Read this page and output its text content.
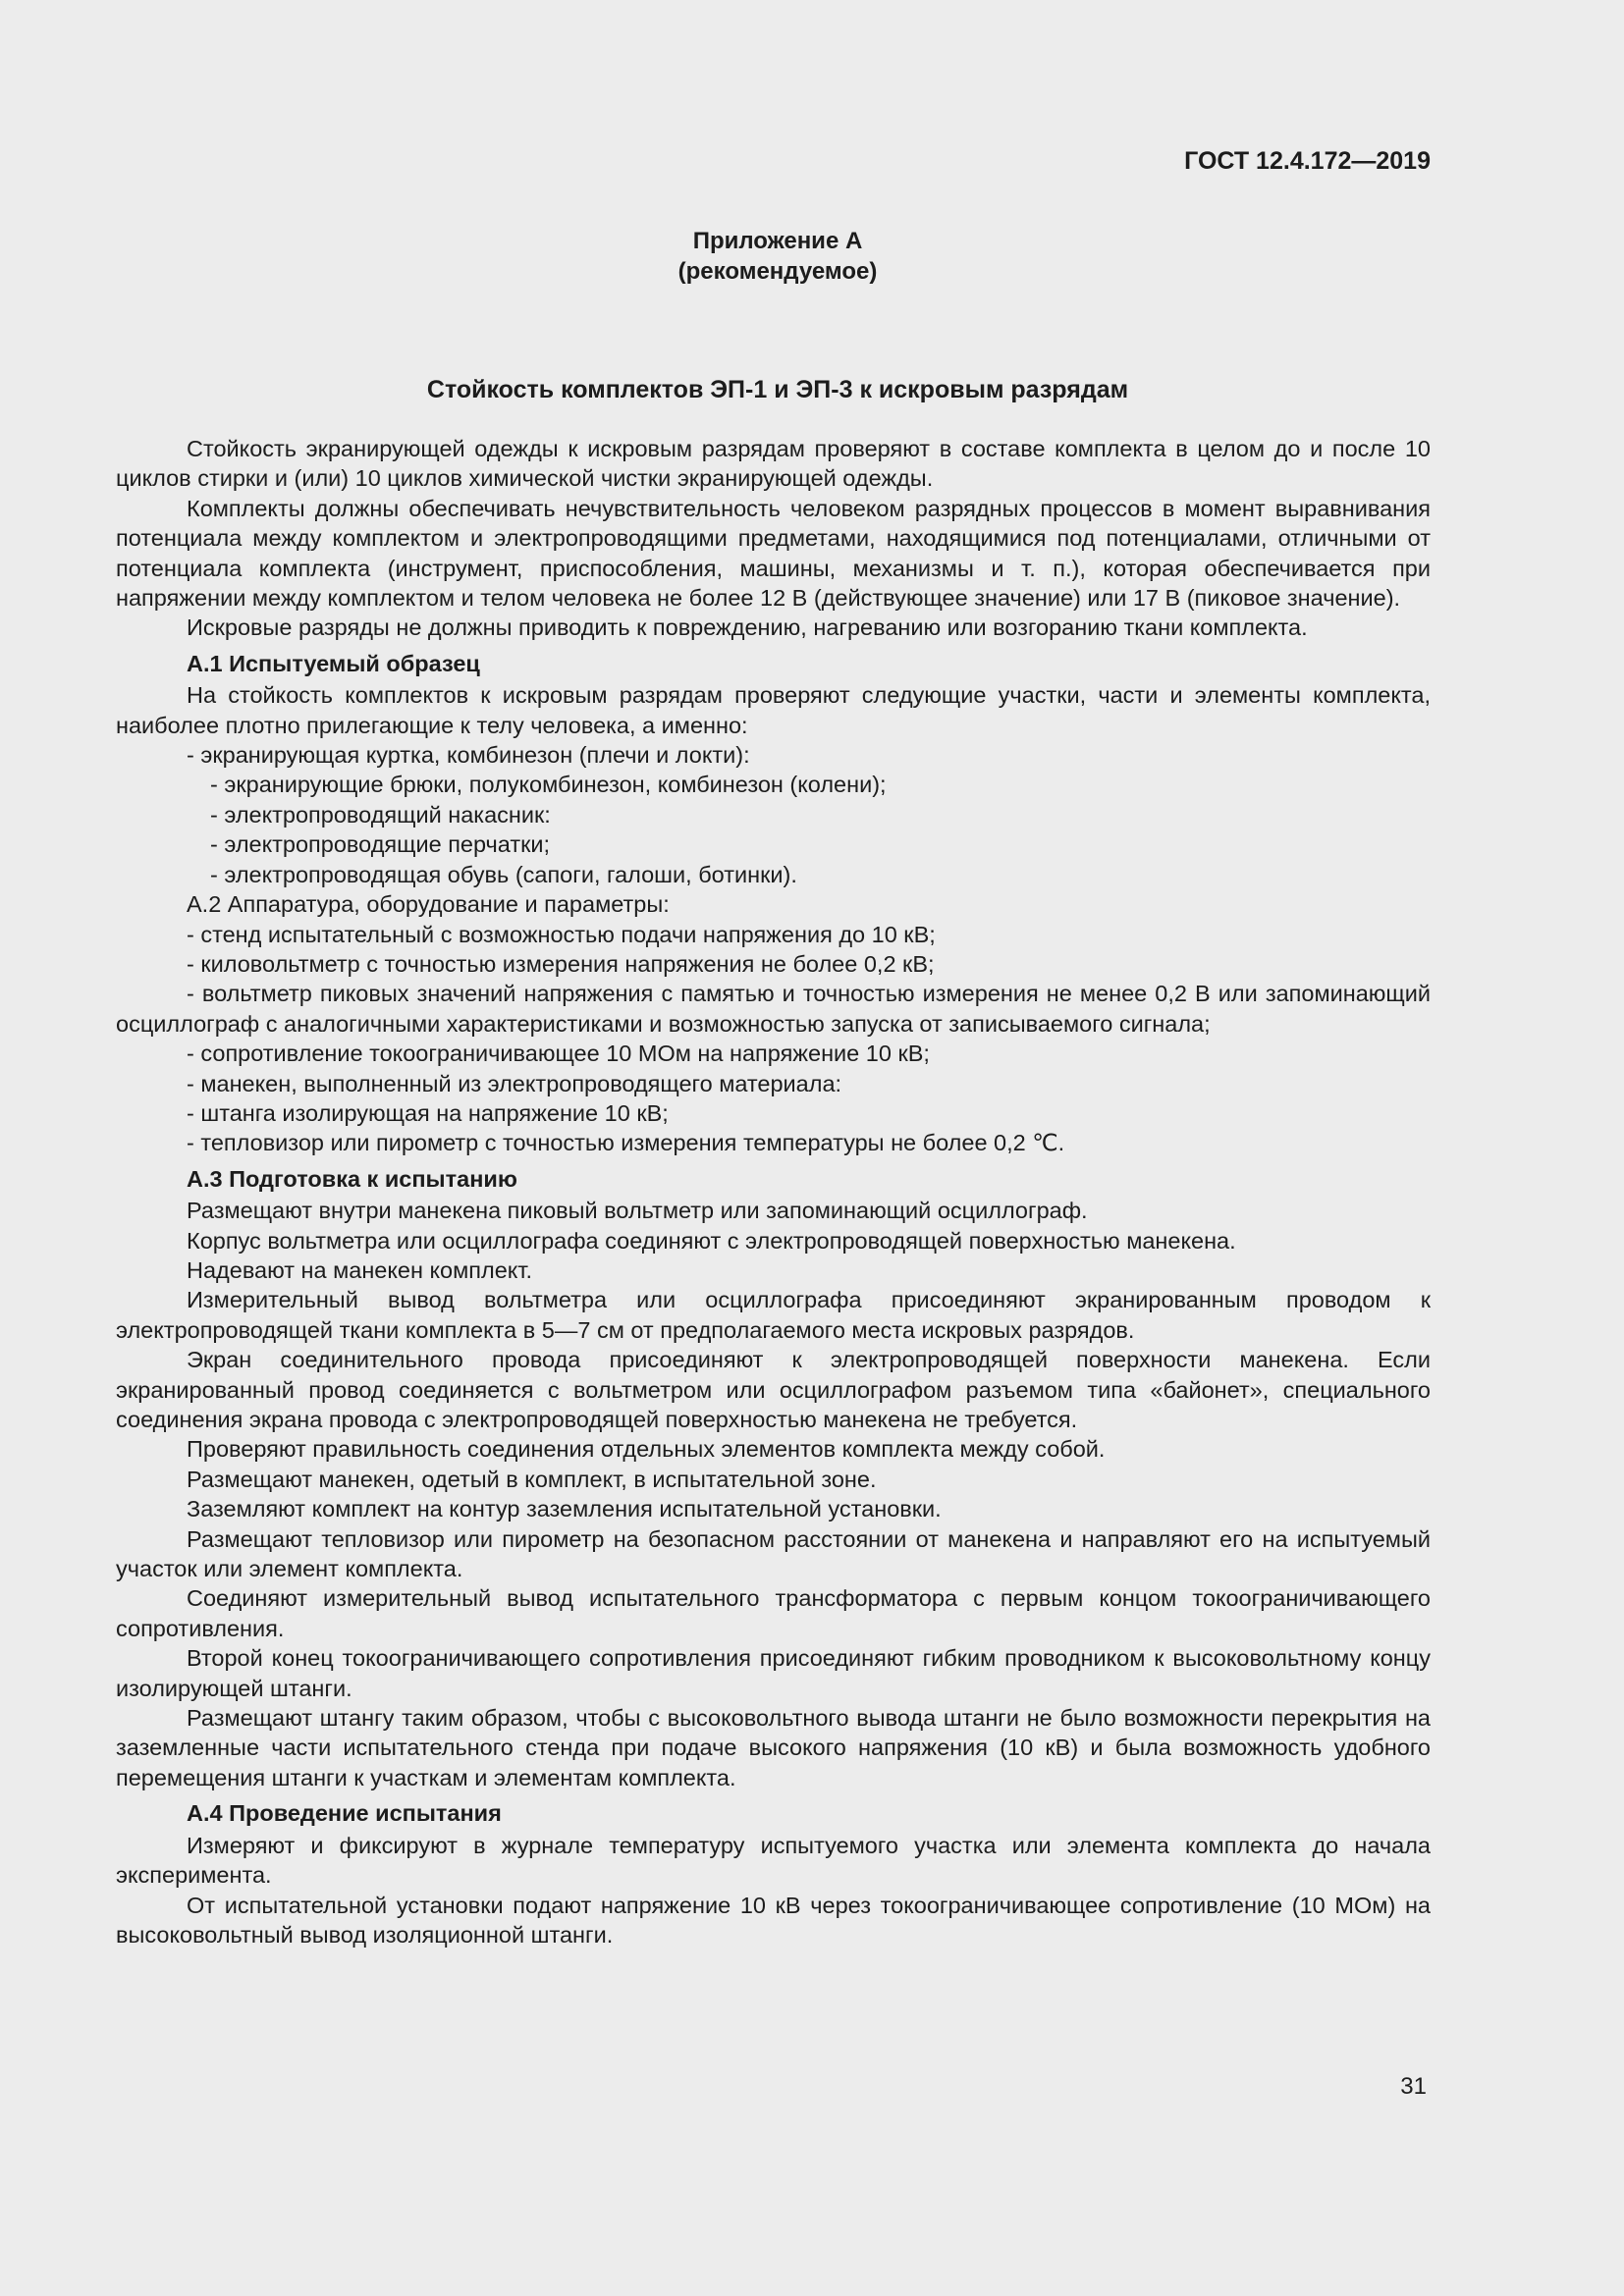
ГОСТ 12.4.172—2019
Приложение А
(рекомендуемое)
Стойкость комплектов ЭП-1 и ЭП-3 к искровым разрядам

Стойкость экранирующей одежды к искровым разрядам проверяют в составе комплекта в целом до и после 10 циклов стирки и (или) 10 циклов химической чистки экранирующей одежды.

Комплекты должны обеспечивать нечувствительность человеком разрядных процессов в момент выравнивания потенциала между комплектом и электропроводящими предметами, находящимися под потенциалами, отличными от потенциала комплекта (инструмент, приспособления, машины, механизмы и т. п.), которая обеспечивается при напряжении между комплектом и телом человека не более 12 В (действующее значение) или 17 В (пиковое значение).

Искровые разряды не должны приводить к повреждению, нагреванию или возгоранию ткани комплекта.

А.1 Испытуемый образец

На стойкость комплектов к искровым разрядам проверяют следующие участки, части и элементы комплекта, наиболее плотно прилегающие к телу человека, а именно:

- экранирующая куртка, комбинезон (плечи и локти):

- экранирующие брюки, полукомбинезон, комбинезон (колени);

- электропроводящий накасник:

- электропроводящие перчатки;

- электропроводящая обувь (сапоги, галоши, ботинки).

А.2 Аппаратура, оборудование и параметры:

- стенд испытательный с возможностью подачи напряжения до 10 кВ;

- киловольтметр с точностью измерения напряжения не более 0,2 кВ;

- вольтметр пиковых значений напряжения с памятью и точностью измерения не менее 0,2 В или запоминающий осциллограф с аналогичными характеристиками и возможностью запуска от записываемого сигнала;

- сопротивление токоограничивающее 10 МОм на напряжение 10 кВ;

- манекен, выполненный из электропроводящего материала:

- штанга изолирующая на напряжение 10 кВ;

- тепловизор или пирометр с точностью измерения температуры не более 0,2 ℃.

А.3 Подготовка к испытанию

Размещают внутри манекена пиковый вольтметр или запоминающий осциллограф.

Корпус вольтметра или осциллографа соединяют с электропроводящей поверхностью манекена.

Надевают на манекен комплект.

Измерительный вывод вольтметра или осциллографа присоединяют экранированным проводом к электропроводящей ткани комплекта в 5—7 см от предполагаемого места искровых разрядов.

Экран соединительного провода присоединяют к электропроводящей поверхности манекена. Если экранированный провод соединяется с вольтметром или осциллографом разъемом типа «байонет», специального соединения экрана провода с электропроводящей поверхностью манекена не требуется.

Проверяют правильность соединения отдельных элементов комплекта между собой.

Размещают манекен, одетый в комплект, в испытательной зоне.

Заземляют комплект на контур заземления испытательной установки.

Размещают тепловизор или пирометр на безопасном расстоянии от манекена и направляют его на испытуемый участок или элемент комплекта.

Соединяют измерительный вывод испытательного трансформатора с первым концом токоограничивающего сопротивления.

Второй конец токоограничивающего сопротивления присоединяют гибким проводником к высоковольтному концу изолирующей штанги.

Размещают штангу таким образом, чтобы с высоковольтного вывода штанги не было возможности перекрытия на заземленные части испытательного стенда при подаче высокого напряжения (10 кВ) и была возможность удобного перемещения штанги к участкам и элементам комплекта.

А.4 Проведение испытания

Измеряют и фиксируют в журнале температуру испытуемого участка или элемента комплекта до начала эксперимента.

От испытательной установки подают напряжение 10 кВ через токоограничивающее сопротивление (10 МОм) на высоковольтный вывод изоляционной штанги.

31
